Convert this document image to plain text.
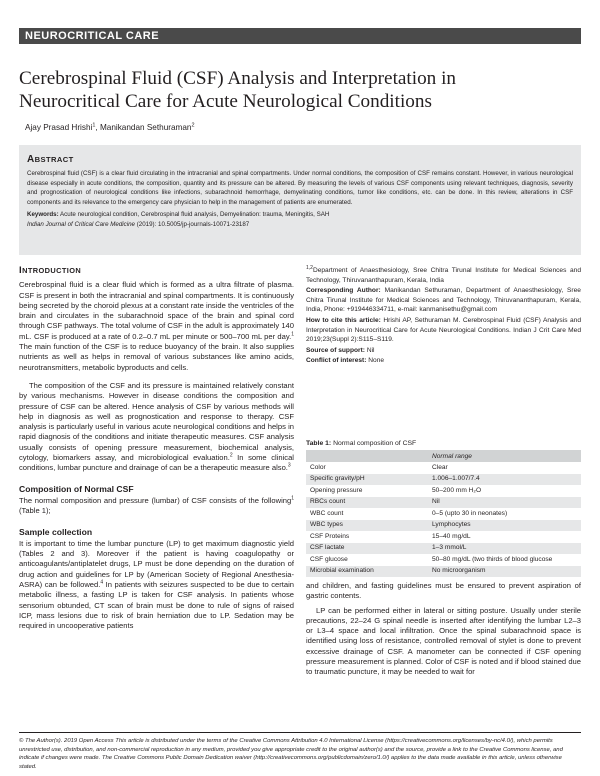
NEUROCRITICAL CARE
Cerebrospinal Fluid (CSF) Analysis and Interpretation in
Neurocritical Care for Acute Neurological Conditions
Ajay Prasad Hrishi$^1$, Manikandan Sethuraman$^2$
ABSTRACT
Cerebrospinal fluid (CSF) is a clear fluid circulating in the intracranial and spinal compartments. Under normal conditions, the composition of CSF remains constant. However, in various neurological disease especially in acute conditions, the composition, quantity and its pressure can be altered. By measuring the levels of various CSF components using relevant techniques, diagnosis, severity and prognostication of neurological conditions like infections, subarachnoid hemorrhage, demyelinating conditions, tumor like conditions, etc. can be done. In this review, alterations in CSF components and its relevance to the emergency care physician to help in the management of patients are enumerated.
Keywords: Acute neurological condition, Cerebrospinal fluid analysis, Demyelination: trauma, Meningitis, SAH
Indian Journal of Critical Care Medicine (2019): 10.5005/jp-journals-10071-23187
INTRODUCTION

Cerebrospinal fluid is a clear fluid which is formed as a ultra filtrate of plasma. CSF is present in both the intracranial and spinal compartments. It is continuously being secreted by the choroid plexus at a constant rate inside the ventricles of the brain and circulates in the subarachnoid space of the brain and spinal cord through CSF pathways. The total volume of CSF in the adult is approximately 140 mL. CSF is produced at a rate of 0.2–0.7 mL per minute or 500–700 mL per day.$^1$ The main function of the CSF is to reduce buoyancy of the brain. It also supplies nutrients as well as helps in removal of various substances like amino acids, neurotransmitters, metabolic byproducts and cells.

The composition of the CSF and its pressure is maintained relatively constant by various mechanisms. However in disease conditions the composition and pressure of CSF can be altered. Hence analysis of CSF by various methods will help in diagnosis as well as prognostication and response to therapy. CSF analysis is particularly useful in various acute neurological conditions and helps in rapid diagnosis of the conditions and initiate therapeutic measures. CSF analysis usually consists of opening pressure measurement, biochemical analysis, cytology, biomarkers assay, and microbiological evaluation.$^2$ In some clinical conditions, lumbar puncture and drainage of can be a therapeutic measure also.$^3$

Composition of Normal CSF

The normal composition and pressure (lumbar) of CSF consists of the following$^1$ (Table 1);

Sample collection

It is important to time the lumbar puncture (LP) to get maximum diagnostic yield (Tables 2 and 3). Moreover if the patient is having coagulopathy or anticoagulants/antiplatelet drugs, LP must be done depending on the duration of drug action and guidelines for LP by (American Society of Regional Anesthesia- ASRA) can be followed.$^4$ In patients with seizures suspected to be due to certain metabolic illness, a fasting LP is taken for CSF analysis. In patients whose sensorium obtunded, CT scan of brain must be done to rule of signs of raised ICP, mass lesions due to risk of brain herniation due to LP. Sedation may be required in uncooperative patients

$^{1,2}$Department of Anaesthesiology, Sree Chitra Tirunal Institute for Medical Sciences and Technology, Thiruvananthapuram, Kerala, India
Corresponding Author: Manikandan Sethuraman, Department of Anaesthesiology, Sree Chitra Tirunal Institute for Medical Sciences and Technology, Thiruvananthapuram, Kerala, India, Phone: +919446334711, e-mail: kanmanisethu@gmail.com
How to cite this article: Hrishi AP, Sethuraman M. Cerebrospinal Fluid (CSF) Analysis and Interpretation in Neurocritical Care for Acute Neurological Conditions. Indian J Crit Care Med 2019;23(Suppl 2):S115–S119.
Source of support: Nil
Conflict of interest: None
Table 1: Normal composition of CSF
	Normal range
Color	Clear
Specific gravity/pH	1.006–1.007/7.4
Opening pressure	50–200 mm H₂O
RBCs count	Nil
WBC count	0–5 (upto 30 in neonates)
WBC types	Lymphocytes
CSF Proteins	15–40 mg/dL
CSF lactate	1–3 mmol/L
CSF glucose	50–80 mg/dL (two thirds of blood glucose
Microbial examination	No microorganism

and children, and fasting guidelines must be ensured to prevent aspiration of gastric contents.

LP can be performed either in lateral or sitting posture. Usually under sterile precautions, 22–24 G spinal needle is inserted after identifying the lumbar L2–3 or L3–4 space and local infiltration. Once the spinal subarachnoid space is identified using loss of resistance, controlled removal of stylet is done to prevent excessive drainage of CSF. A manometer can be connected if CSF opening pressure measurement is planned. Color of CSF is noted and if blood stained due to traumatic puncture, it may be needed to wait for

© The Author(s). 2019 Open Access This article is distributed under the terms of the Creative Commons Attribution 4.0 International License (https://creativecommons.org/licenses/by-nc/4.0/), which permits unrestricted use, distribution, and non-commercial reproduction in any medium, provided you give appropriate credit to the original author(s) and the source, provide a link to the Creative Commons license, and indicate if changes were made. The Creative Commons Public Domain Dedication waiver (http://creativecommons.org/publicdomain/zero/1.0/) applies to the data made available in this article, unless otherwise stated.
